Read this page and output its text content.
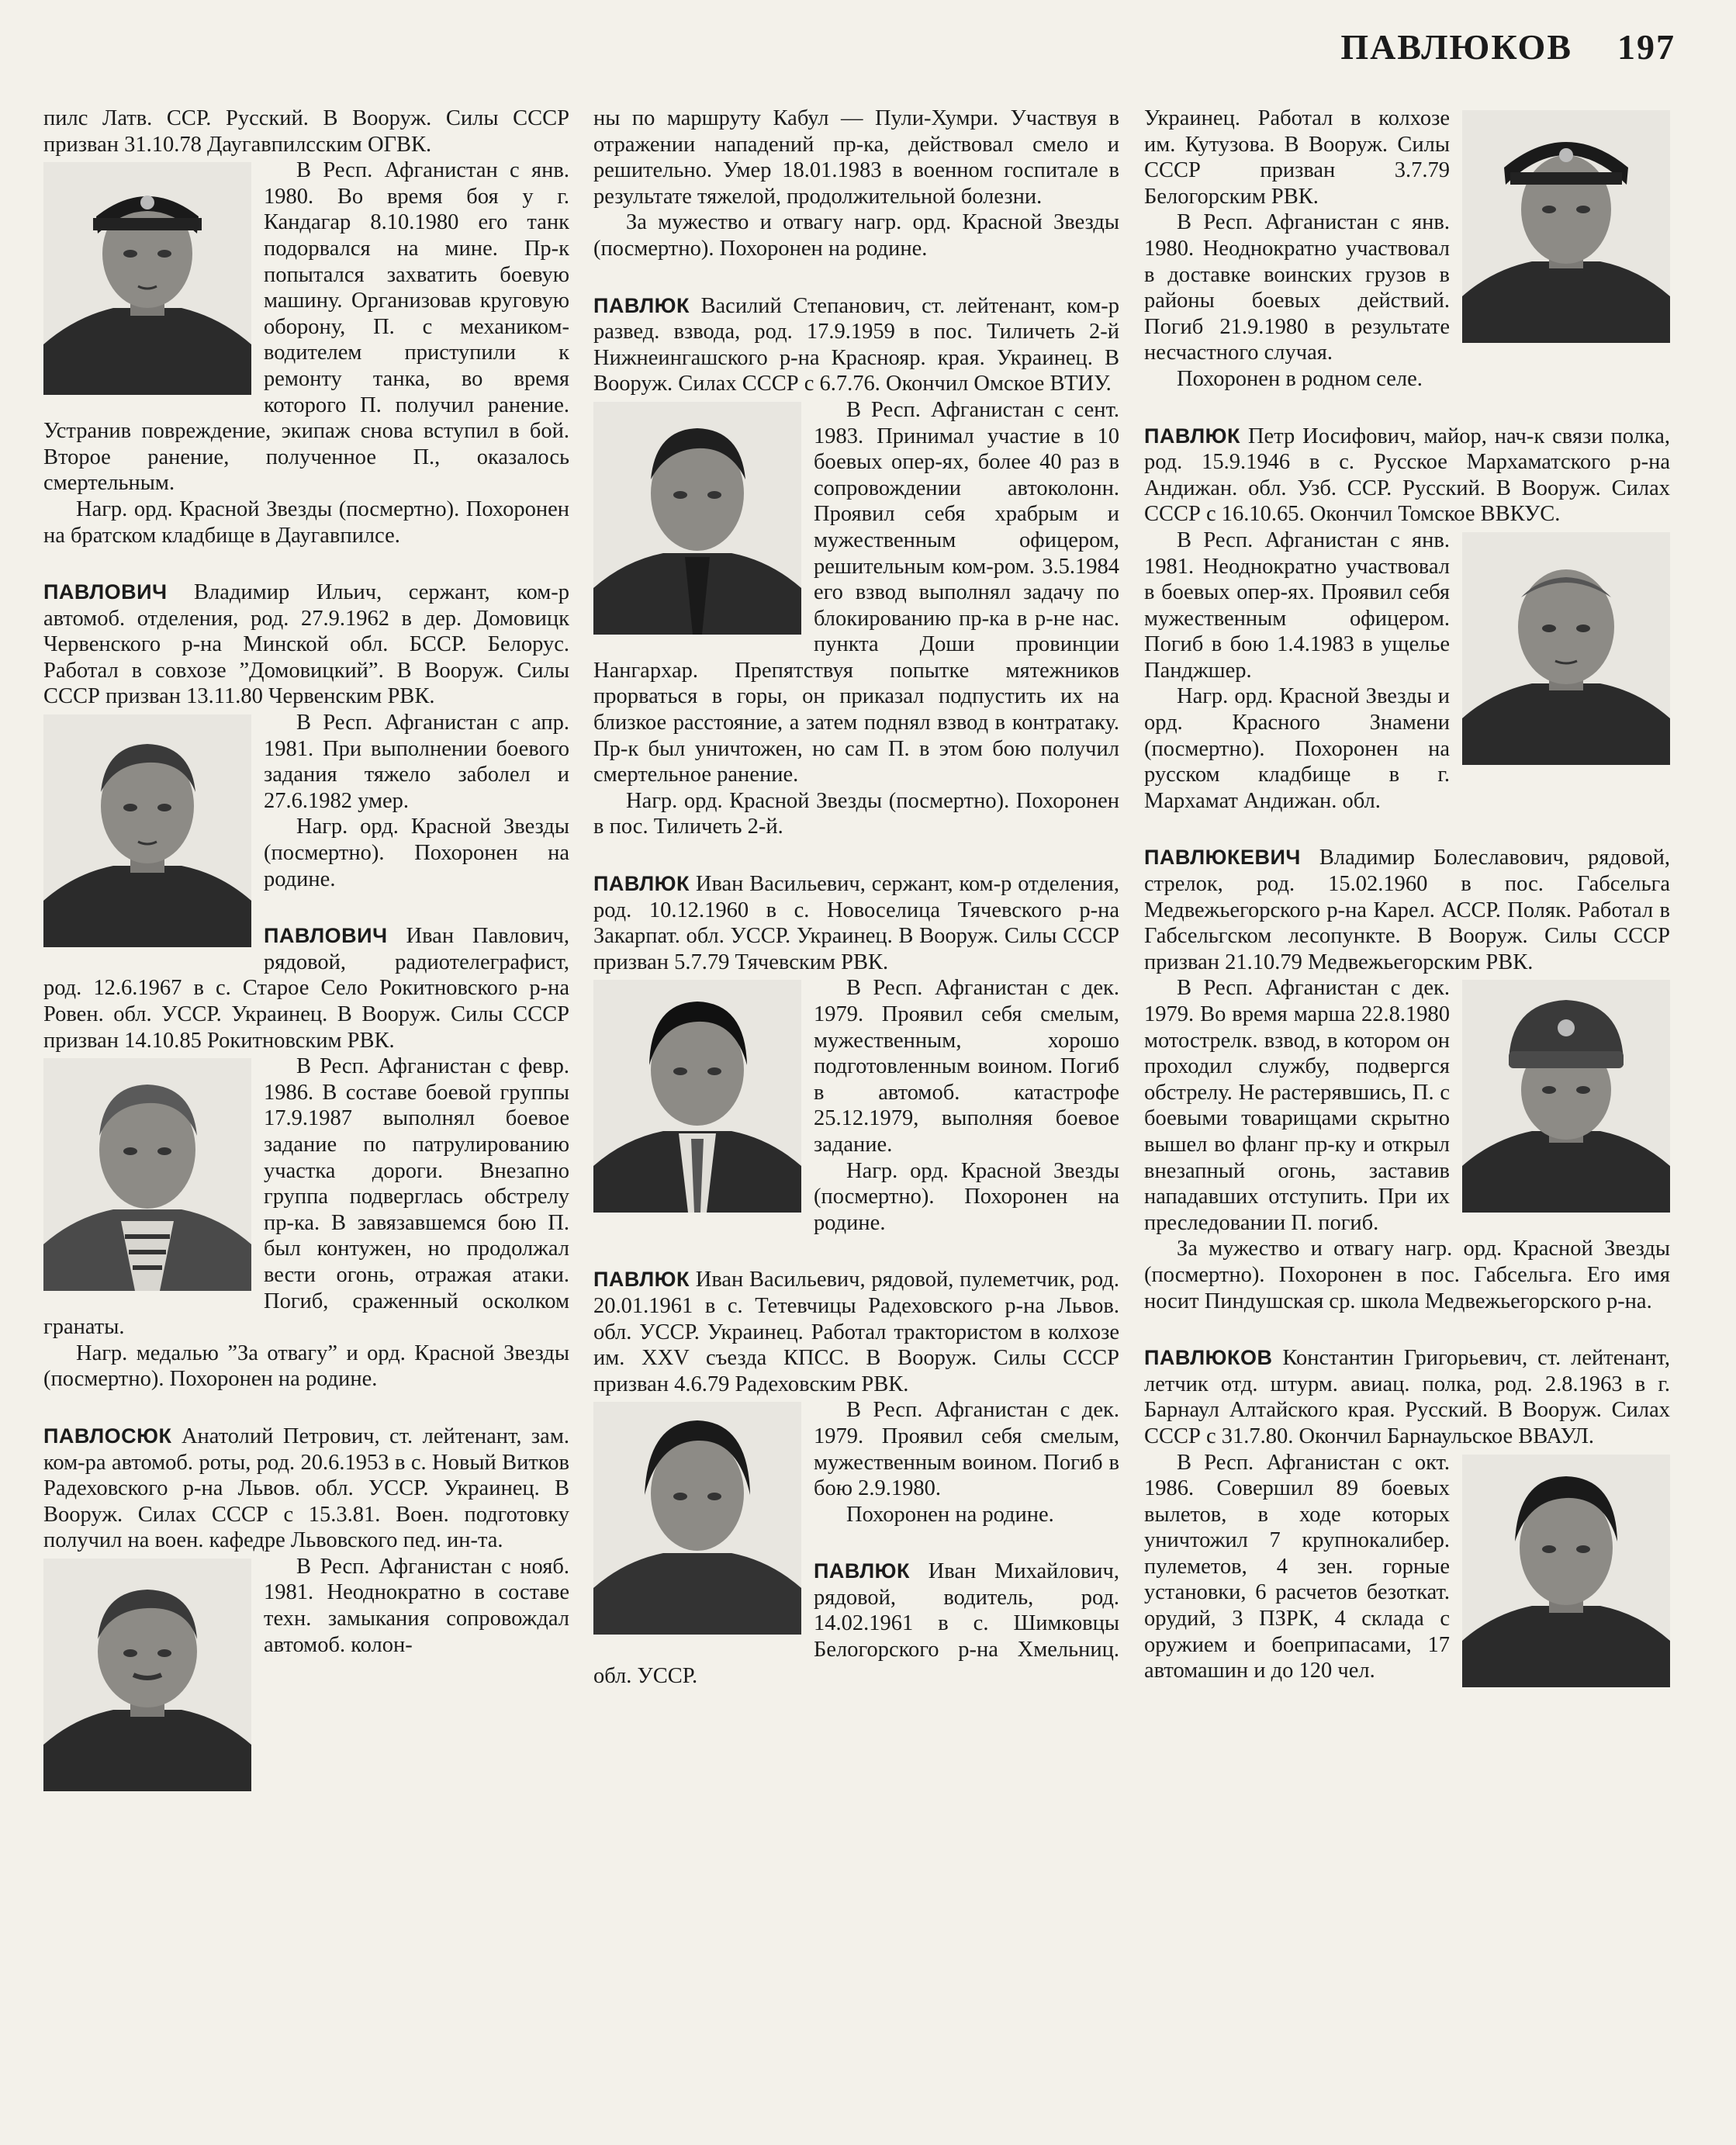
ПАВЛЮКОВ 197

пилс Латв. ССР. Русский. В Вооруж. Силы СССР призван 31.10.78 Даугавпилсским ОГВК.

В Респ. Афганистан с янв. 1980. Во время боя у г. Кандагар 8.10.1980 его танк подорвался на мине. Пр-к попытался захватить боевую машину. Организовав круговую оборону, П. с механиком-водителем приступили к ремонту танка, во время которого П. получил ранение. Устранив повреждение, экипаж снова вступил в бой. Второе ранение, полученное П., оказалось смертельным.

Нагр. орд. Красной Звезды (посмертно). Похоронен на братском кладбище в Даугавпилсе.

ПАВЛОВИЧ Владимир Ильич, сержант, ком-р автомоб. отделения, род. 27.9.1962 в дер. Домовицк Червенского р-на Минской обл. БССР. Белорус. Работал в совхозе ”Домовицкий”. В Вооруж. Силы СССР призван 13.11.80 Червенским РВК.

В Респ. Афганистан с апр. 1981. При выполнении боевого задания тяжело заболел и 27.6.1982 умер.

Нагр. орд. Красной Звезды (посмертно). Похоронен на родине.

ПАВЛОВИЧ Иван Павлович, рядовой, радиотелеграфист, род. 12.6.1967 в с. Старое Село Рокитновского р-на Ровен. обл. УССР. Украинец. В Вооруж. Силы СССР призван 14.10.85 Рокитновским РВК.

В Респ. Афганистан с февр. 1986. В составе боевой группы 17.9.1987 выполнял боевое задание по патрулированию участка дороги. Внезапно группа подверглась обстрелу пр-ка. В завязавшемся бою П. был контужен, но продолжал вести огонь, отражая атаки. Погиб, сраженный осколком гранаты.

Нагр. медалью ”За отвагу” и орд. Красной Звезды (посмертно). Похоронен на родине.

ПАВЛОСЮК Анатолий Петрович, ст. лейтенант, зам. ком-ра автомоб. роты, род. 20.6.1953 в с. Новый Витков Радеховского р-на Львов. обл. УССР. Украинец. В Вооруж. Силах СССР с 15.3.81. Воен. подготовку получил на воен. кафедре Львовского пед. ин-та.

В Респ. Афганистан с нояб. 1981. Неоднократно в составе техн. замыкания сопровождал автомоб. колон-

ны по маршруту Кабул — Пули-Хумри. Участвуя в отражении нападений пр-ка, действовал смело и решительно. Умер 18.01.1983 в военном госпитале в результате тяжелой, продолжительной болезни.

За мужество и отвагу нагр. орд. Красной Звезды (посмертно). Похоронен на родине.

ПАВЛЮК Василий Степанович, ст. лейтенант, ком-р развед. взвода, род. 17.9.1959 в пос. Тиличеть 2-й Нижнеингашского р-на Краснояр. края. Украинец. В Вооруж. Силах СССР с 6.7.76. Окончил Омское ВТИУ.

В Респ. Афганистан с сент. 1983. Принимал участие в 10 боевых опер-ях, более 40 раз в сопровождении автоколонн. Проявил себя храбрым и мужественным офицером, решительным ком-ром. 3.5.1984 его взвод выполнял задачу по блокированию пр-ка в р-не нас. пункта Доши провинции Нангархар. Препятствуя попытке мятежников прорваться в горы, он приказал подпустить их на близкое расстояние, а затем поднял взвод в контратаку. Пр-к был уничтожен, но сам П. в этом бою получил смертельное ранение.

Нагр. орд. Красной Звезды (посмертно). Похоронен в пос. Тиличеть 2-й.

ПАВЛЮК Иван Васильевич, сержант, ком-р отделения, род. 10.12.1960 в с. Новоселица Тячевского р-на Закарпат. обл. УССР. Украинец. В Вооруж. Силы СССР призван 5.7.79 Тячевским РВК.

В Респ. Афганистан с дек. 1979. Проявил себя смелым, мужественным, хорошо подготовленным воином. Погиб в автомоб. катастрофе 25.12.1979, выполняя боевое задание.

Нагр. орд. Красной Звезды (посмертно). Похоронен на родине.

ПАВЛЮК Иван Васильевич, рядовой, пулеметчик, род. 20.01.1961 в с. Тетевчицы Радеховского р-на Львов. обл. УССР. Украинец. Работал трактористом в колхозе им. XXV съезда КПСС. В Вооруж. Силы СССР призван 4.6.79 Радеховским РВК.

В Респ. Афганистан с дек. 1979. Проявил себя смелым, мужественным воином. Погиб в бою 2.9.1980.

Похоронен на родине.

ПАВЛЮК Иван Михайлович, рядовой, водитель, род. 14.02.1961 в с. Шимковцы Белогорского р-на Хмельниц. обл. УССР.

Украинец. Работал в колхозе им. Кутузова. В Вооруж. Силы СССР призван 3.7.79 Белогорским РВК.

В Респ. Афганистан с янв. 1980. Неоднократно участвовал в доставке воинских грузов в районы боевых действий. Погиб 21.9.1980 в результате несчастного случая.

Похоронен в родном селе.

ПАВЛЮК Петр Иосифович, майор, нач-к связи полка, род. 15.9.1946 в с. Русское Мархаматского р-на Андижан. обл. Узб. ССР. Русский. В Вооруж. Силах СССР с 16.10.65. Окончил Томское ВВКУС.

В Респ. Афганистан с янв. 1981. Неоднократно участвовал в боевых опер-ях. Проявил себя мужественным офицером. Погиб в бою 1.4.1983 в ущелье Панджшер.

Нагр. орд. Красной Звезды и орд. Красного Знамени (посмертно). Похоронен на русском кладбище в г. Мархамат Андижан. обл.

ПАВЛЮКЕВИЧ Владимир Болеславович, рядовой, стрелок, род. 15.02.1960 в пос. Габсельга Медвежьегорского р-на Карел. АССР. Поляк. Работал в Габсельгском лесопункте. В Вооруж. Силы СССР призван 21.10.79 Медвежьегорским РВК.

В Респ. Афганистан с дек. 1979. Во время марша 22.8.1980 мотострелк. взвод, в котором он проходил службу, подвергся обстрелу. Не растерявшись, П. с боевыми товарищами скрытно вышел во фланг пр-ку и открыл внезапный огонь, заставив нападавших отступить. При их преследовании П. погиб.

За мужество и отвагу нагр. орд. Красной Звезды (посмертно). Похоронен в пос. Габсельга. Его имя носит Пиндушская ср. школа Медвежьегорского р-на.

ПАВЛЮКОВ Константин Григорьевич, ст. лейтенант, летчик отд. штурм. авиац. полка, род. 2.8.1963 в г. Барнаул Алтайского края. Русский. В Вооруж. Силах СССР с 31.7.80. Окончил Барнаульское ВВАУЛ.

В Респ. Афганистан с окт. 1986. Совершил 89 боевых вылетов, в ходе которых уничтожил 7 крупнокалибер. пулеметов, 4 зен. горные установки, 6 расчетов безоткат. орудий, 3 ПЗРК, 4 склада с оружием и боеприпасами, 17 автомашин и до 120 чел.
